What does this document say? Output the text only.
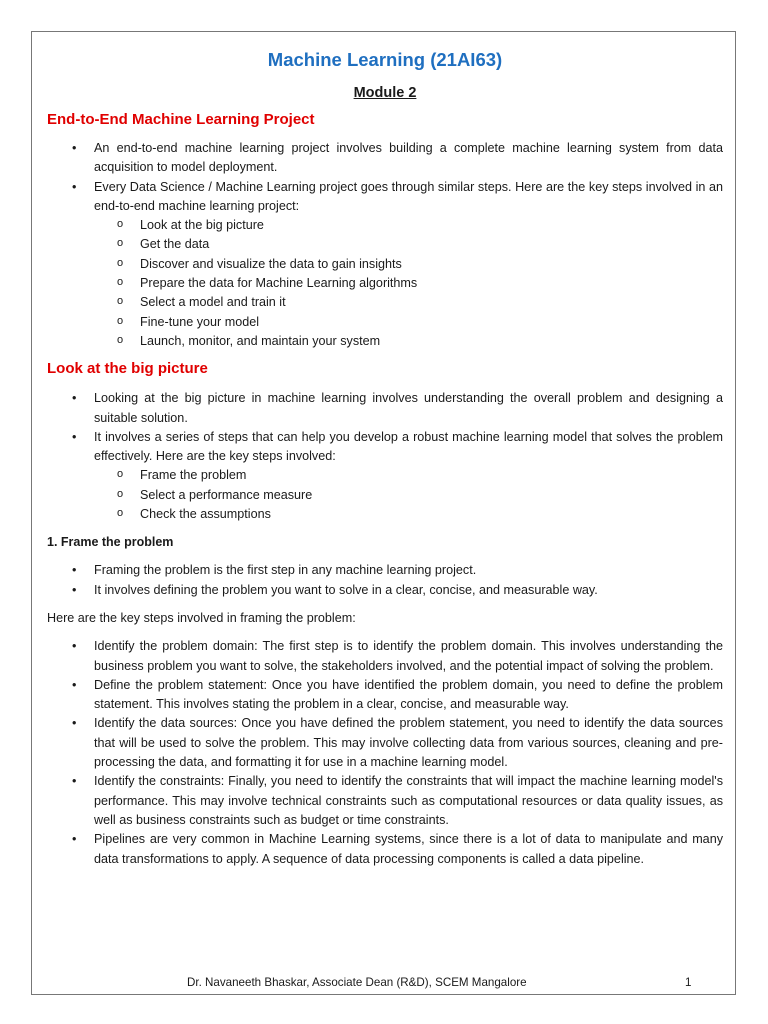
Machine Learning (21AI63)
Module 2
End-to-End Machine Learning Project
• An end-to-end machine learning project involves building a complete machine learning system from data acquisition to model deployment.
• Every Data Science / Machine Learning project goes through similar steps. Here are the key steps involved in an end-to-end machine learning project:
o Look at the big picture
o Get the data
o Discover and visualize the data to gain insights
o Prepare the data for Machine Learning algorithms
o Select a model and train it
o Fine-tune your model
o Launch, monitor, and maintain your system
Look at the big picture
• Looking at the big picture in machine learning involves understanding the overall problem and designing a suitable solution.
• It involves a series of steps that can help you develop a robust machine learning model that solves the problem effectively. Here are the key steps involved:
o Frame the problem
o Select a performance measure
o Check the assumptions
1. Frame the problem
• Framing the problem is the first step in any machine learning project.
• It involves defining the problem you want to solve in a clear, concise, and measurable way.

Here are the key steps involved in framing the problem:

• Identify the problem domain: The first step is to identify the problem domain. This involves understanding the business problem you want to solve, the stakeholders involved, and the potential impact of solving the problem.
• Define the problem statement: Once you have identified the problem domain, you need to define the problem statement. This involves stating the problem in a clear, concise, and measurable way.
• Identify the data sources: Once you have defined the problem statement, you need to identify the data sources that will be used to solve the problem. This may involve collecting data from various sources, cleaning and pre-processing the data, and formatting it for use in a machine learning model.
• Identify the constraints: Finally, you need to identify the constraints that will impact the machine learning model's performance. This may involve technical constraints such as computational resources or data quality issues, as well as business constraints such as budget or time constraints.
• Pipelines are very common in Machine Learning systems, since there is a lot of data to manipulate and many data transformations to apply. A sequence of data processing components is called a data pipeline.
Dr. Navaneeth Bhaskar, Associate Dean (R&D), SCEM Mangalore	1
